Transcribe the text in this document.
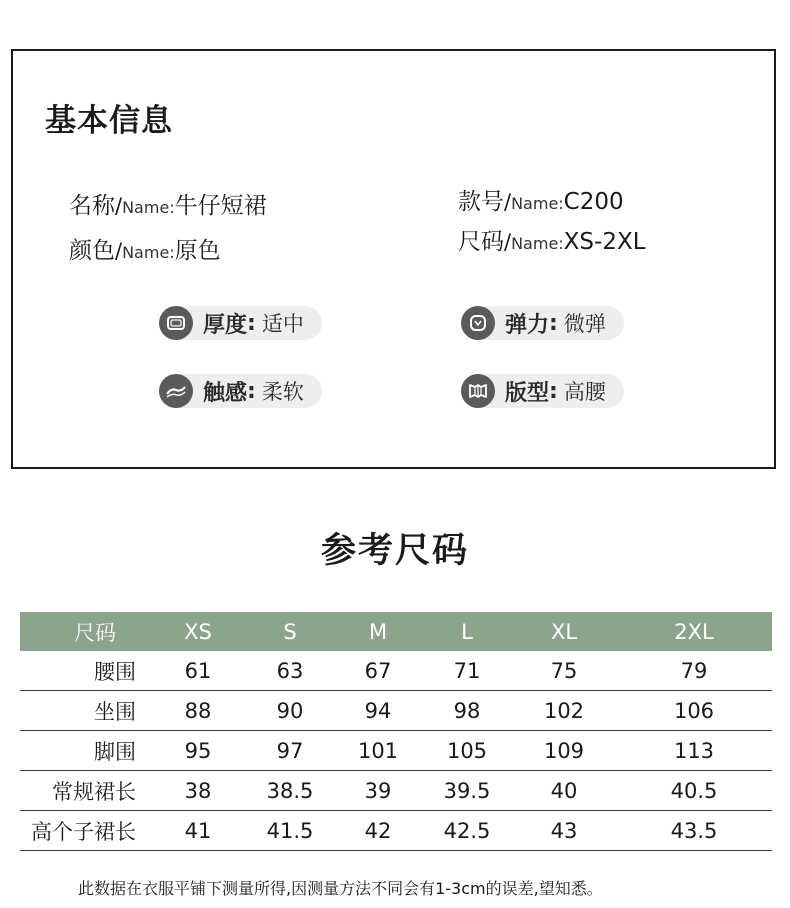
基本信息
名称/Name:牛仔短裙
颜色/Name:原色
款号/Name:C200
尺码/Name:XS-2XL
厚度 : 适中	弹力 : 微弹
触感 : 柔软	版型 : 高腰
参考尺码
尺码	XS	S	M	L	XL	2XL
腰围	61	63	67	71	75	79
坐围	88	90	94	98	102	106
脚围	95	97	101	105	109	113
常规裙长	38	38.5	39	39.5	40	40.5
高个子裙长	41	41.5	42	42.5	43	43.5
此数据在衣服平铺下测量所得,因测量方法不同会有1-3cm的误差,望知悉。
